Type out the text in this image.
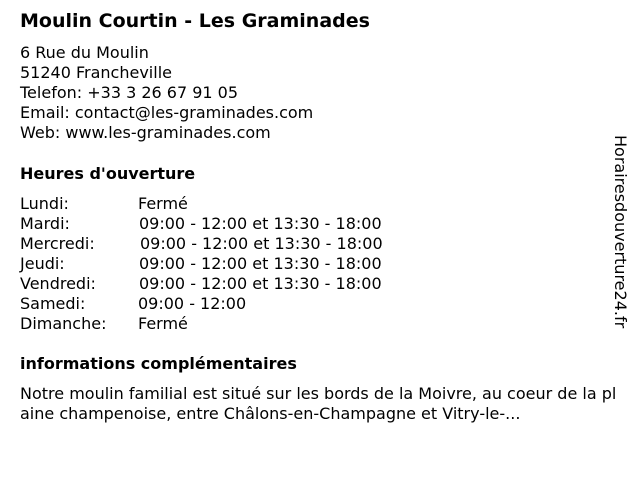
Moulin Courtin - Les Graminades
6 Rue du Moulin
51240 Francheville
Telefon: +33 3 26 67 91 05
Email: contact@les-graminades.com
Web: www.les-graminades.com
Heures d'ouverture
Lundi:	Fermé
Mardi:	09:00 - 12:00 et 13:30 - 18:00
Mercredi:	09:00 - 12:00 et 13:30 - 18:00
Jeudi:	09:00 - 12:00 et 13:30 - 18:00
Vendredi:	09:00 - 12:00 et 13:30 - 18:00
Samedi:	09:00 - 12:00
Dimanche: Fermé
informations complémentaires
Notre moulin familial est situé sur les bords de la Moivre, au coeur de la plaine champenoise, entre Châlons-en-Champagne et Vitry-le-...
Horairesdouverture24.fr
